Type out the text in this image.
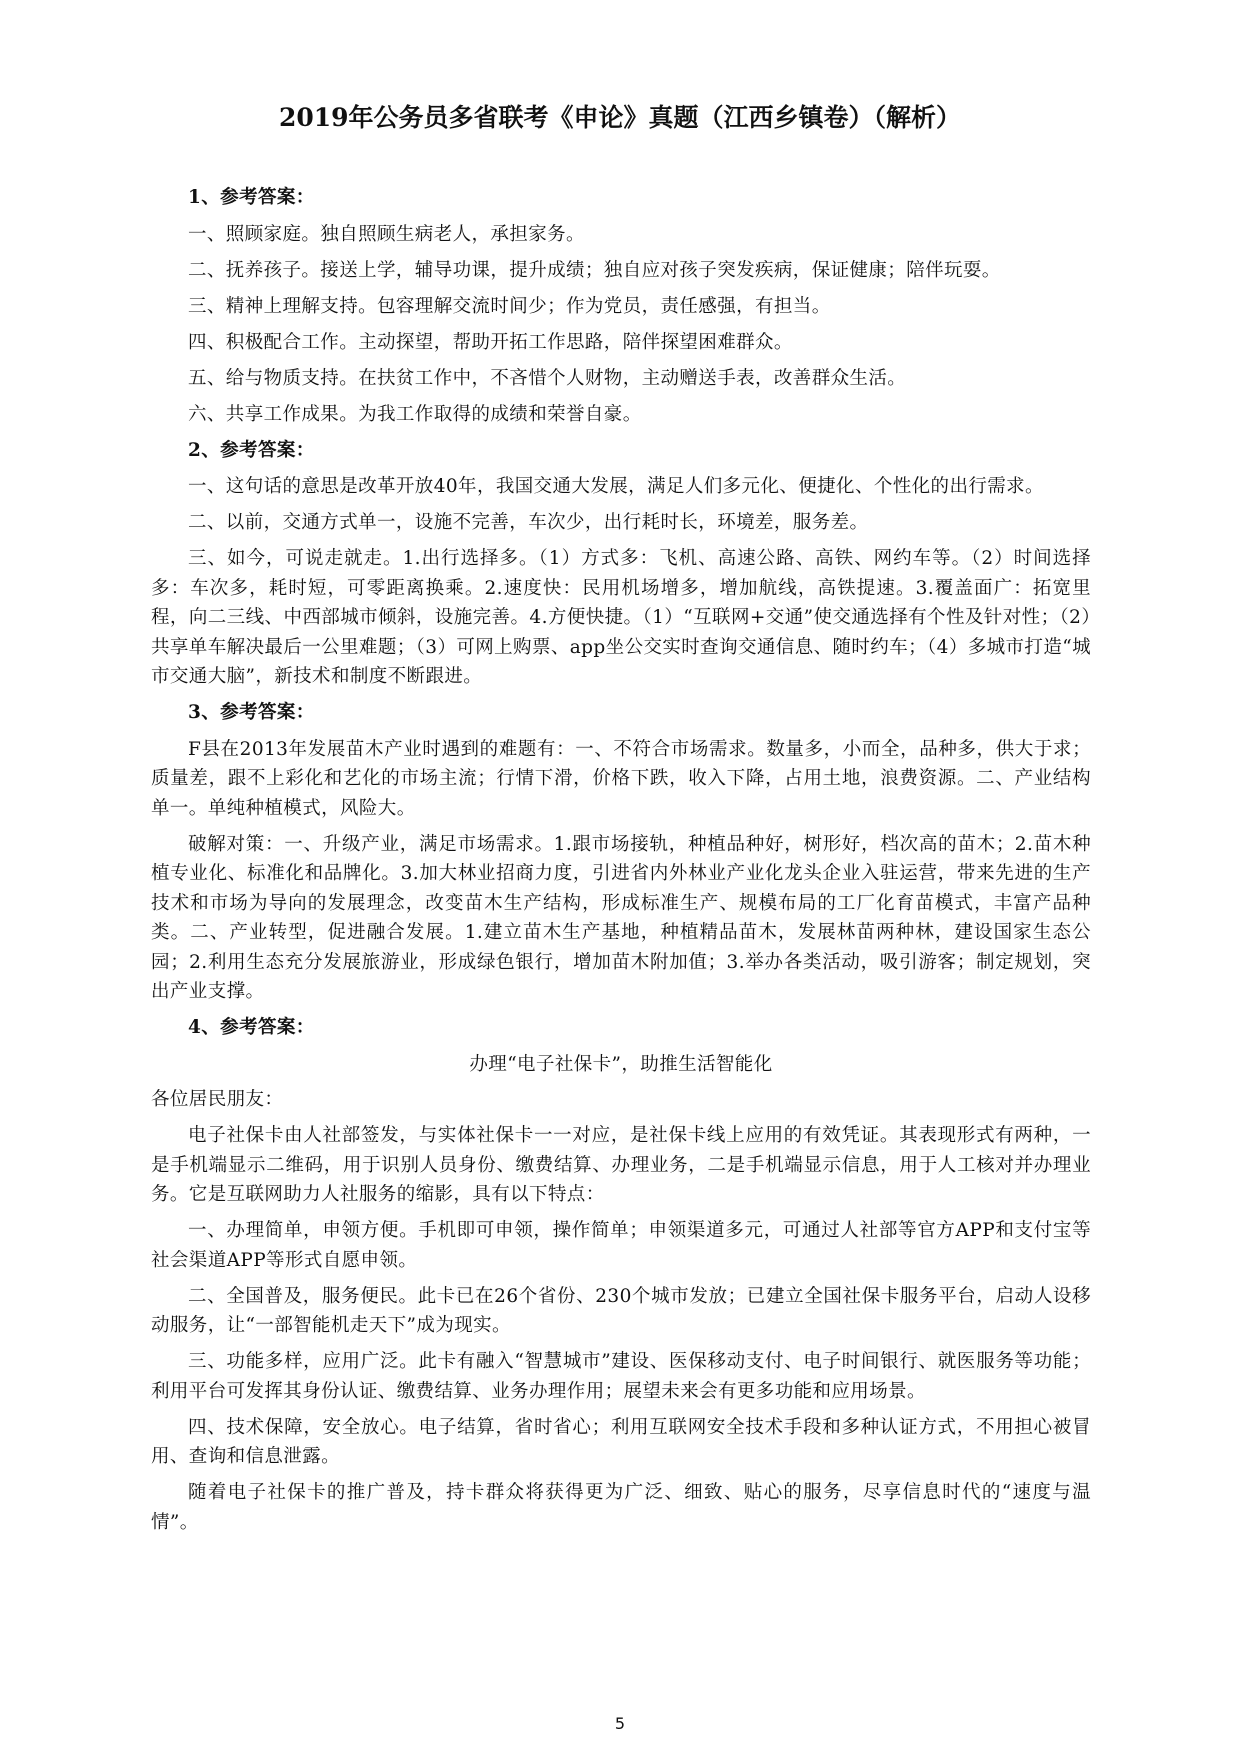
2019年公务员多省联考《申论》真题（江西乡镇卷）（解析）

1、参考答案：

一、照顾家庭。独自照顾生病老人，承担家务。

二、抚养孩子。接送上学，辅导功课，提升成绩；独自应对孩子突发疾病，保证健康；陪伴玩耍。

三、精神上理解支持。包容理解交流时间少；作为党员，责任感强，有担当。

四、积极配合工作。主动探望，帮助开拓工作思路，陪伴探望困难群众。

五、给与物质支持。在扶贫工作中，不吝惜个人财物，主动赠送手表，改善群众生活。

六、共享工作成果。为我工作取得的成绩和荣誉自豪。

2、参考答案：

一、这句话的意思是改革开放40年，我国交通大发展，满足人们多元化、便捷化、个性化的出行需求。

二、以前，交通方式单一，设施不完善，车次少，出行耗时长，环境差，服务差。

三、如今，可说走就走。1.出行选择多。（1）方式多：飞机、高速公路、高铁、网约车等。（2）时间选择多：车次多，耗时短，可零距离换乘。2.速度快：民用机场增多，增加航线，高铁提速。3.覆盖面广：拓宽里程，向二三线、中西部城市倾斜，设施完善。4.方便快捷。（1）“互联网+交通”使交通选择有个性及针对性；（2）共享单车解决最后一公里难题；（3）可网上购票、app坐公交实时查询交通信息、随时约车；（4）多城市打造“城市交通大脑”，新技术和制度不断跟进。

3、参考答案：

F县在2013年发展苗木产业时遇到的难题有：一、不符合市场需求。数量多，小而全，品种多，供大于求；质量差，跟不上彩化和艺化的市场主流；行情下滑，价格下跌，收入下降，占用土地，浪费资源。二、产业结构单一。单纯种植模式，风险大。

破解对策：一、升级产业，满足市场需求。1.跟市场接轨，种植品种好，树形好，档次高的苗木；2.苗木种植专业化、标准化和品牌化。3.加大林业招商力度，引进省内外林业产业化龙头企业入驻运营，带来先进的生产技术和市场为导向的发展理念，改变苗木生产结构，形成标准生产、规模布局的工厂化育苗模式，丰富产品种类。二、产业转型，促进融合发展。1.建立苗木生产基地，种植精品苗木，发展林苗两种林，建设国家生态公园；2.利用生态充分发展旅游业，形成绿色银行，增加苗木附加值；3.举办各类活动，吸引游客；制定规划，突出产业支撑。

4、参考答案：

办理“电子社保卡”，助推生活智能化

各位居民朋友：

电子社保卡由人社部签发，与实体社保卡一一对应，是社保卡线上应用的有效凭证。其表现形式有两种，一是手机端显示二维码，用于识别人员身份、缴费结算、办理业务，二是手机端显示信息，用于人工核对并办理业务。它是互联网助力人社服务的缩影，具有以下特点：

一、办理简单，申领方便。手机即可申领，操作简单；申领渠道多元，可通过人社部等官方APP和支付宝等社会渠道APP等形式自愿申领。

二、全国普及，服务便民。此卡已在26个省份、230个城市发放；已建立全国社保卡服务平台，启动人设移动服务，让“一部智能机走天下”成为现实。

三、功能多样，应用广泛。此卡有融入“智慧城市”建设、医保移动支付、电子时间银行、就医服务等功能；利用平台可发挥其身份认证、缴费结算、业务办理作用；展望未来会有更多功能和应用场景。

四、技术保障，安全放心。电子结算，省时省心；利用互联网安全技术手段和多种认证方式，不用担心被冒用、查询和信息泄露。

随着电子社保卡的推广普及，持卡群众将获得更为广泛、细致、贴心的服务，尽享信息时代的“速度与温情”。

5
